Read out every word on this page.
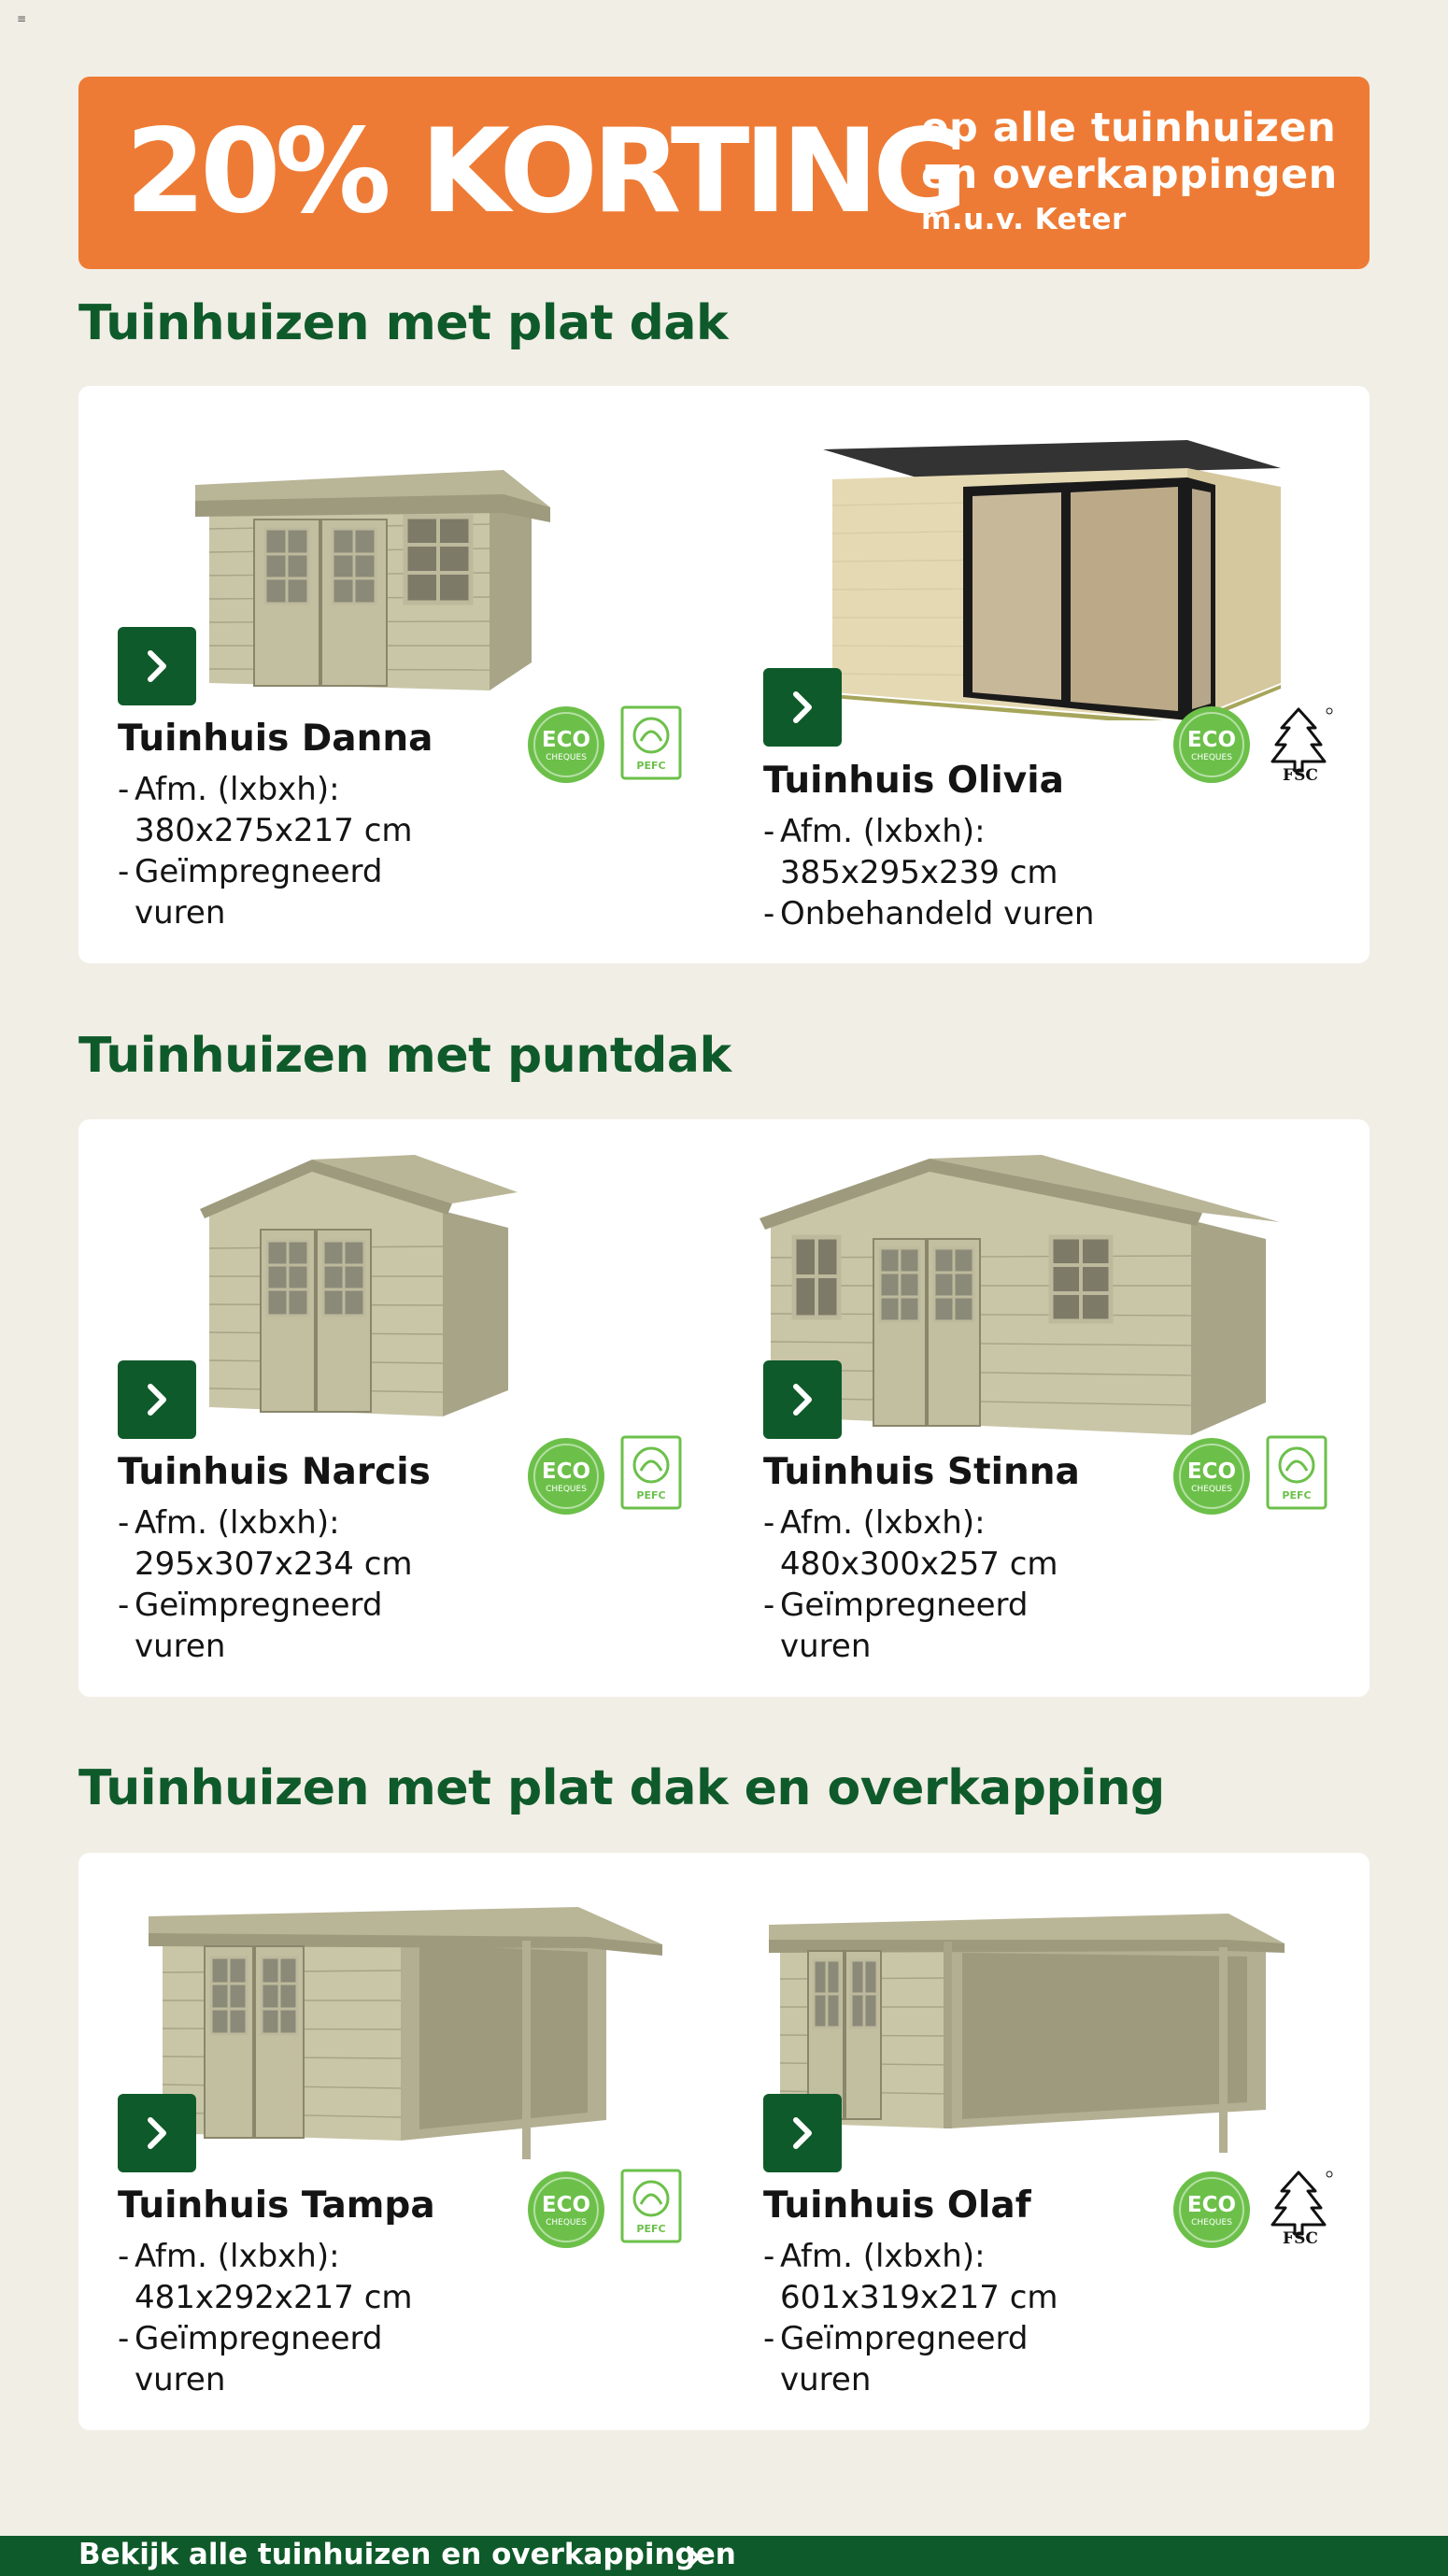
≡
20% KORTING
op alle tuinhuizen
en overkappingen
m.u.v. Keter
Tuinhuizen met plat dak
ECO
CHEQUES
PEFC
Tuinhuis Danna
- Afm. (lxbxh):
380x275x217 cm
- Geïmpregneerd
vuren
ECO
CHEQUES
FSC
Tuinhuis Olivia
- Afm. (lxbxh):
385x295x239 cm
- Onbehandeld vuren
Tuinhuizen met puntdak
ECO
CHEQUES	PEFC
Tuinhuis Narcis
- Afm. (lxbxh):
295x307x234 cm
- Geïmpregneerd
vuren
ECO
CHEQUES	PEFC
Tuinhuis Stinna
- Afm. (lxbxh):
480x300x257 cm
- Geïmpregneerd
vuren
Tuinhuizen met plat dak en overkapping
ECO
CHEQUES	PEFC
Tuinhuis Tampa
- Afm. (lxbxh):
481x292x217 cm
- Geïmpregneerd
vuren
ECO
CHEQUES
FSC
Tuinhuis Olaf
- Afm. (lxbxh):
601x319x217 cm
- Geïmpregneerd
vuren
Bekijk alle tuinhuizen en overkappingen
